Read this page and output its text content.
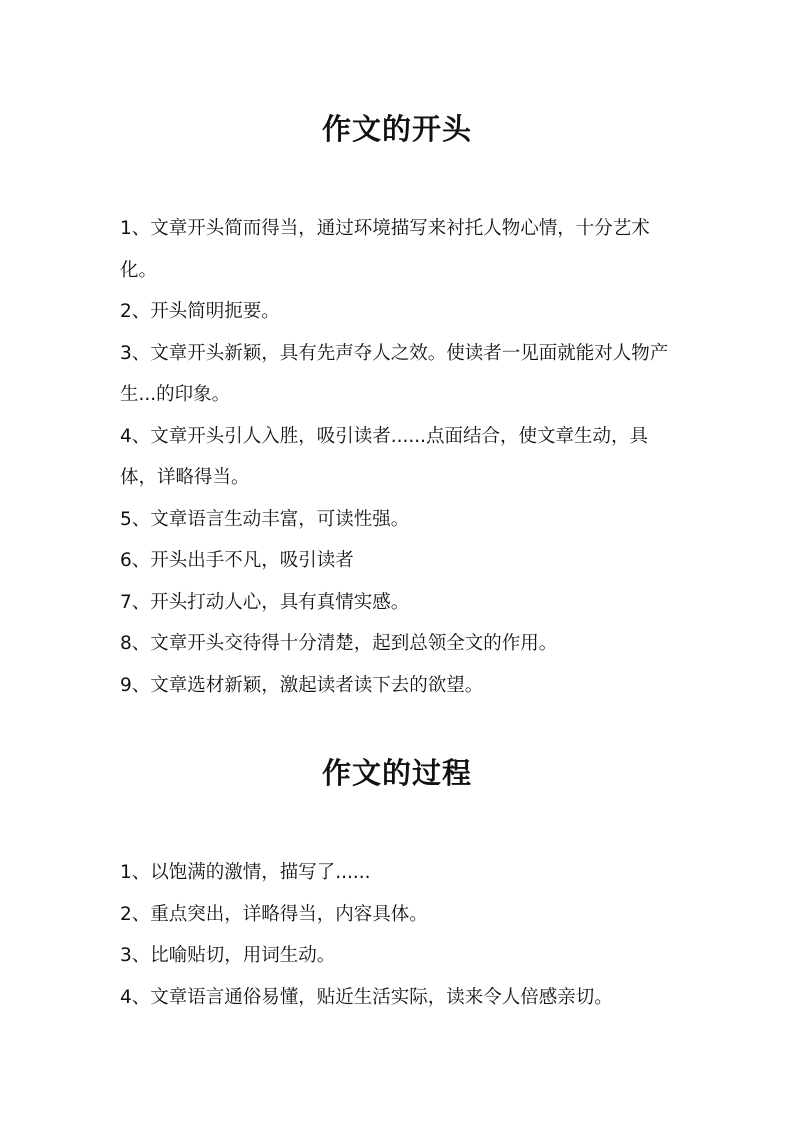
作文的开头
1、文章开头简而得当，通过环境描写来衬托人物心情，十分艺术化。
2、开头简明扼要。
3、文章开头新颖，具有先声夺人之效。使读者一见面就能对人物产生...的印象。
4、文章开头引人入胜，吸引读者......点面结合，使文章生动，具体，详略得当。
5、文章语言生动丰富，可读性强。
6、开头出手不凡，吸引读者
7、开头打动人心，具有真情实感。
8、文章开头交待得十分清楚，起到总领全文的作用。
9、文章选材新颖，激起读者读下去的欲望。
作文的过程
1、以饱满的激情，描写了......
2、重点突出，详略得当，内容具体。
3、比喻贴切，用词生动。
4、文章语言通俗易懂，贴近生活实际，读来令人倍感亲切。
